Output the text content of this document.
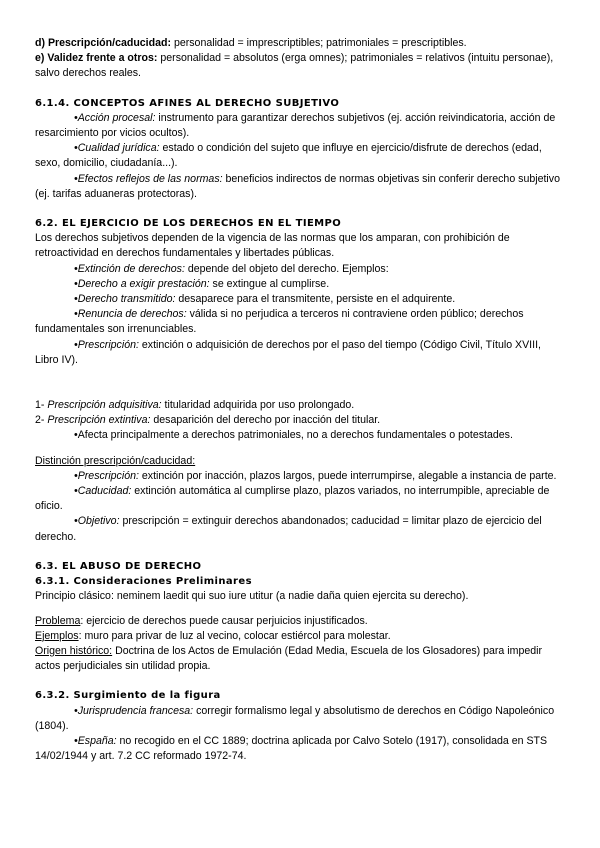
d) Prescripción/caducidad: personalidad = imprescriptibles; patrimoniales = prescriptibles.

e) Validez frente a otros: personalidad = absolutos (erga omnes); patrimoniales = relativos (intuitu personae), salvo derechos reales.

6.1.4. CONCEPTOS AFINES AL DERECHO SUBJETIVO

•Acción procesal: instrumento para garantizar derechos subjetivos (ej. acción reivindicatoria, acción de resarcimiento por vicios ocultos).

•Cualidad jurídica: estado o condición del sujeto que influye en ejercicio/disfrute de derechos (edad, sexo, domicilio, ciudadanía...).

•Efectos reflejos de las normas: beneficios indirectos de normas objetivas sin conferir derecho subjetivo (ej. tarifas aduaneras protectoras).

6.2. EL EJERCICIO DE LOS DERECHOS EN EL TIEMPO

Los derechos subjetivos dependen de la vigencia de las normas que los amparan, con prohibición de retroactividad en derechos fundamentales y libertades públicas.

•Extinción de derechos: depende del objeto del derecho. Ejemplos:

•Derecho a exigir prestación: se extingue al cumplirse.

•Derecho transmitido: desaparece para el transmitente, persiste en el adquirente.

•Renuncia de derechos: válida si no perjudica a terceros ni contraviene orden público; derechos fundamentales son irrenunciables.

•Prescripción: extinción o adquisición de derechos por el paso del tiempo (Código Civil, Título XVIII, Libro IV).

1- Prescripción adquisitiva: titularidad adquirida por uso prolongado.

2- Prescripción extintiva: desaparición del derecho por inacción del titular.

•Afecta principalmente a derechos patrimoniales, no a derechos fundamentales o potestades.

Distinción prescripción/caducidad:

•Prescripción: extinción por inacción, plazos largos, puede interrumpirse, alegable a instancia de parte.

•Caducidad: extinción automática al cumplirse plazo, plazos variados, no interrumpible, apreciable de oficio.

•Objetivo: prescripción = extinguir derechos abandonados; caducidad = limitar plazo de ejercicio del derecho.

6.3. EL ABUSO DE DERECHO

6.3.1. Consideraciones Preliminares

Principio clásico: neminem laedit qui suo iure utitur (a nadie daña quien ejercita su derecho).

Problema: ejercicio de derechos puede causar perjuicios injustificados.

Ejemplos: muro para privar de luz al vecino, colocar estiércol para molestar.

Origen histórico: Doctrina de los Actos de Emulación (Edad Media, Escuela de los Glosadores) para impedir actos perjudiciales sin utilidad propia.

6.3.2. Surgimiento de la figura

•Jurisprudencia francesa: corregir formalismo legal y absolutismo de derechos en Código Napoleónico (1804).

•España: no recogido en el CC 1889; doctrina aplicada por Calvo Sotelo (1917), consolidada en STS 14/02/1944 y art. 7.2 CC reformado 1972-74.
